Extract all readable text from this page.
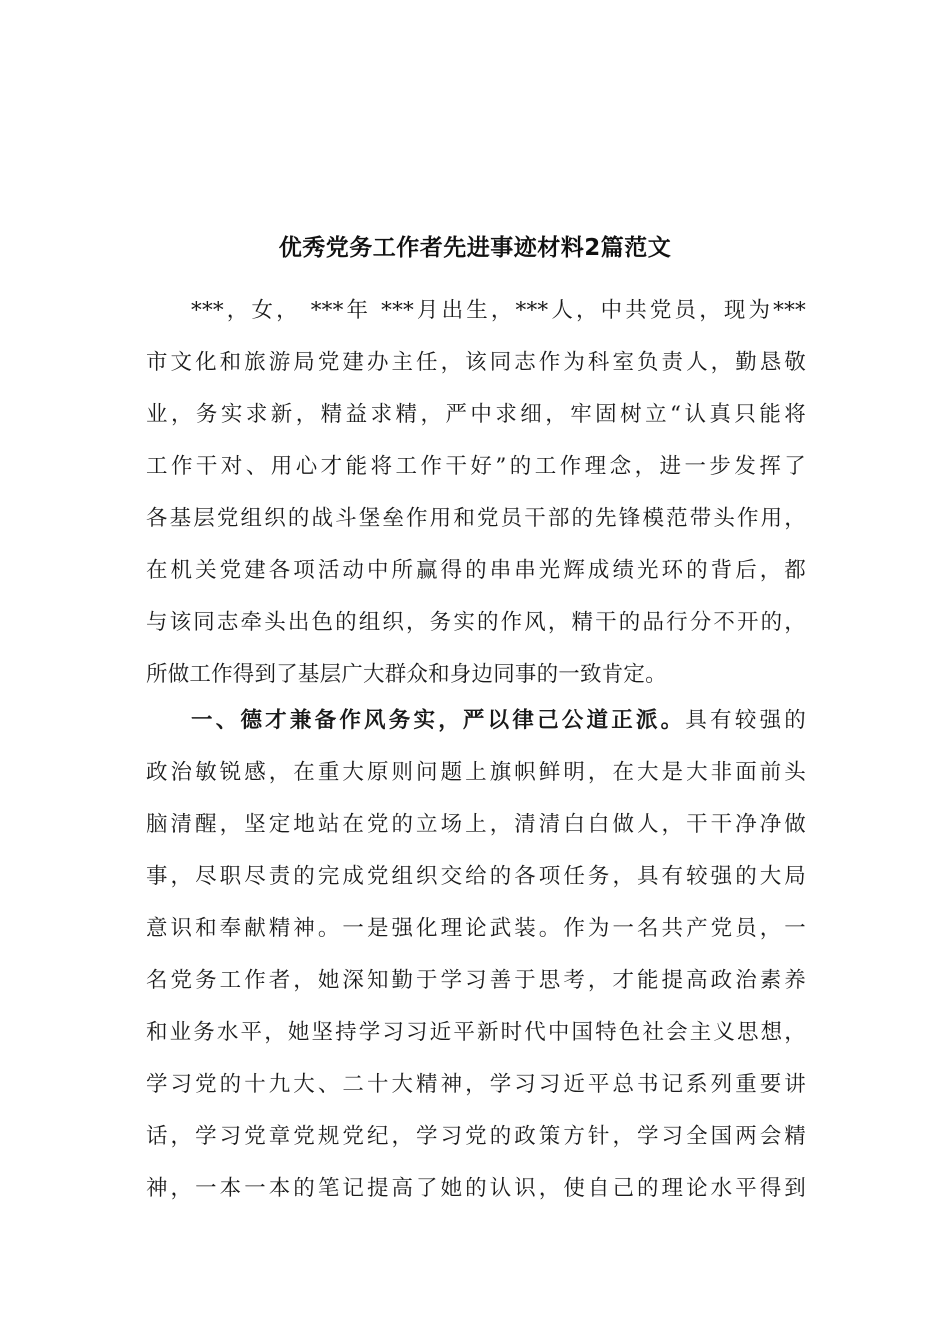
优秀党务工作者先进事迹材料2篇范文
***，女， ***年 ***月出生，***人，中共党员，现为***
市文化和旅游局党建办主任，该同志作为科室负责人，勤恳敬
业，务实求新，精益求精，严中求细，牢固树立“认真只能将
工作干对、用心才能将工作干好”的工作理念，进一步发挥了
各基层党组织的战斗堡垒作用和党员干部的先锋模范带头作用，
在机关党建各项活动中所赢得的串串光辉成绩光环的背后，都
与该同志牵头出色的组织，务实的作风，精干的品行分不开的，
所做工作得到了基层广大群众和身边同事的一致肯定。
一、德才兼备作风务实，严以律己公道正派。具有较强的
政治敏锐感，在重大原则问题上旗帜鲜明，在大是大非面前头
脑清醒，坚定地站在党的立场上，清清白白做人，干干净净做
事，尽职尽责的完成党组织交给的各项任务，具有较强的大局
意识和奉献精神。一是强化理论武装。作为一名共产党员，一
名党务工作者，她深知勤于学习善于思考，才能提高政治素养
和业务水平，她坚持学习习近平新时代中国特色社会主义思想，
学习党的十九大、二十大精神，学习习近平总书记系列重要讲
话，学习党章党规党纪，学习党的政策方针，学习全国两会精
神，一本一本的笔记提高了她的认识，使自己的理论水平得到
